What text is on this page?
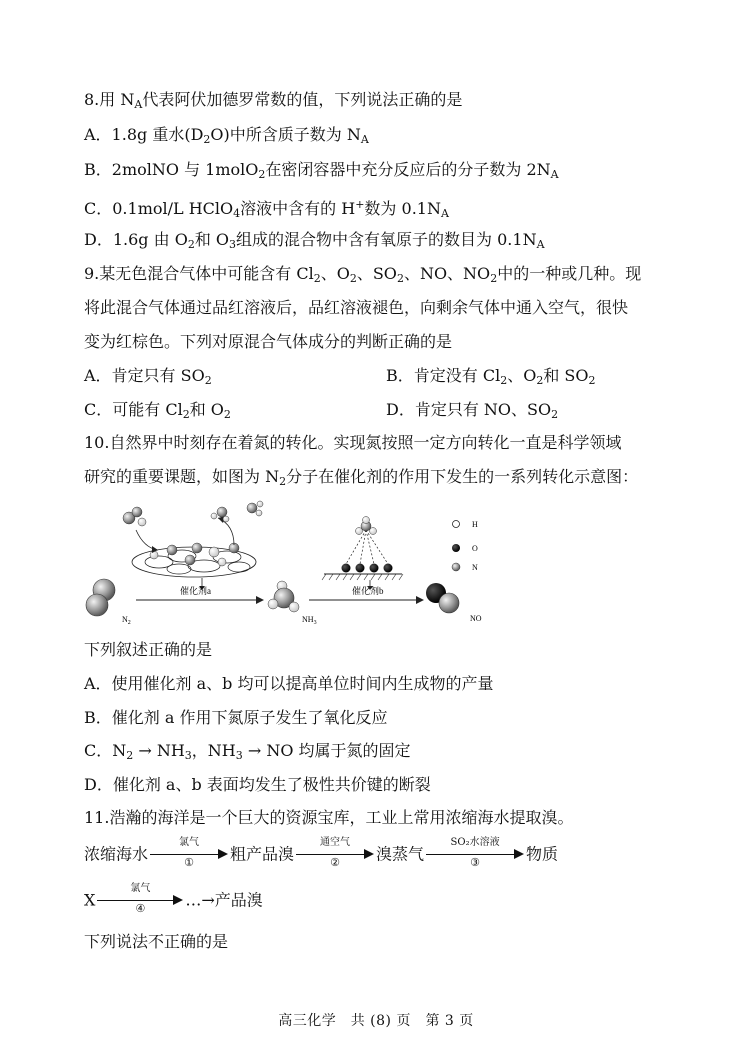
8.用 $N_A$代表阿伏加德罗常数的值，下列说法正确的是
A．1.8g 重水$(D_2O)$中所含质子数为 $N_A$
B．2molNO 与 1molO$_2$在密闭容器中充分反应后的分子数为 $2N_A$
C．0.1mol/L HClO$_4$溶液中含有的 H+数为 $0.1N_A$
D．1.6g 由 $O_2$和 $O_3$组成的混合物中含有氧原子的数目为 $0.1N_A$
9.某无色混合气体中可能含有 $Cl_2$、$O_2$、$SO_2$、NO、$NO_2$中的一种或几种。现
将此混合气体通过品红溶液后，品红溶液褪色，向剩余气体中通入空气，很快
变为红棕色。下列对原混合气体成分的判断正确的是
A．肯定只有 $SO_2$	B．肯定没有 $Cl_2$、$O_2$和 $SO_2$
C．可能有 $Cl_2$和 $O_2$	D．肯定只有 NO、$SO_2$
10.自然界中时刻存在着氮的转化。实现氮按照一定方向转化一直是科学领域
研究的重要课题，如图为 $N_2$分子在催化剂的作用下发生的一系列转化示意图：
$N_2$
催化剂a
$NH_3$
催化剂b
NO
H
O
N
下列叙述正确的是
A．使用催化剂 a、b 均可以提高单位时间内生成物的产量
B．催化剂 a 作用下氮原子发生了氧化反应
C．$N_2 \to NH_3$，$NH_3$ → NO 均属于氮的固定
D．催化剂 a、b 表面均发生了极性共价键的断裂
11.浩瀚的海洋是一个巨大的资源宝库，工业上常用浓缩海水提取溴。
浓缩海水
氯气
①	粗产品溴
通空气
②	溴蒸气
SO₂水溶液
③	物质
X
氯气
④	…→产品溴
下列说法不正确的是
高三化学　共 (8) 页　第 3 页
